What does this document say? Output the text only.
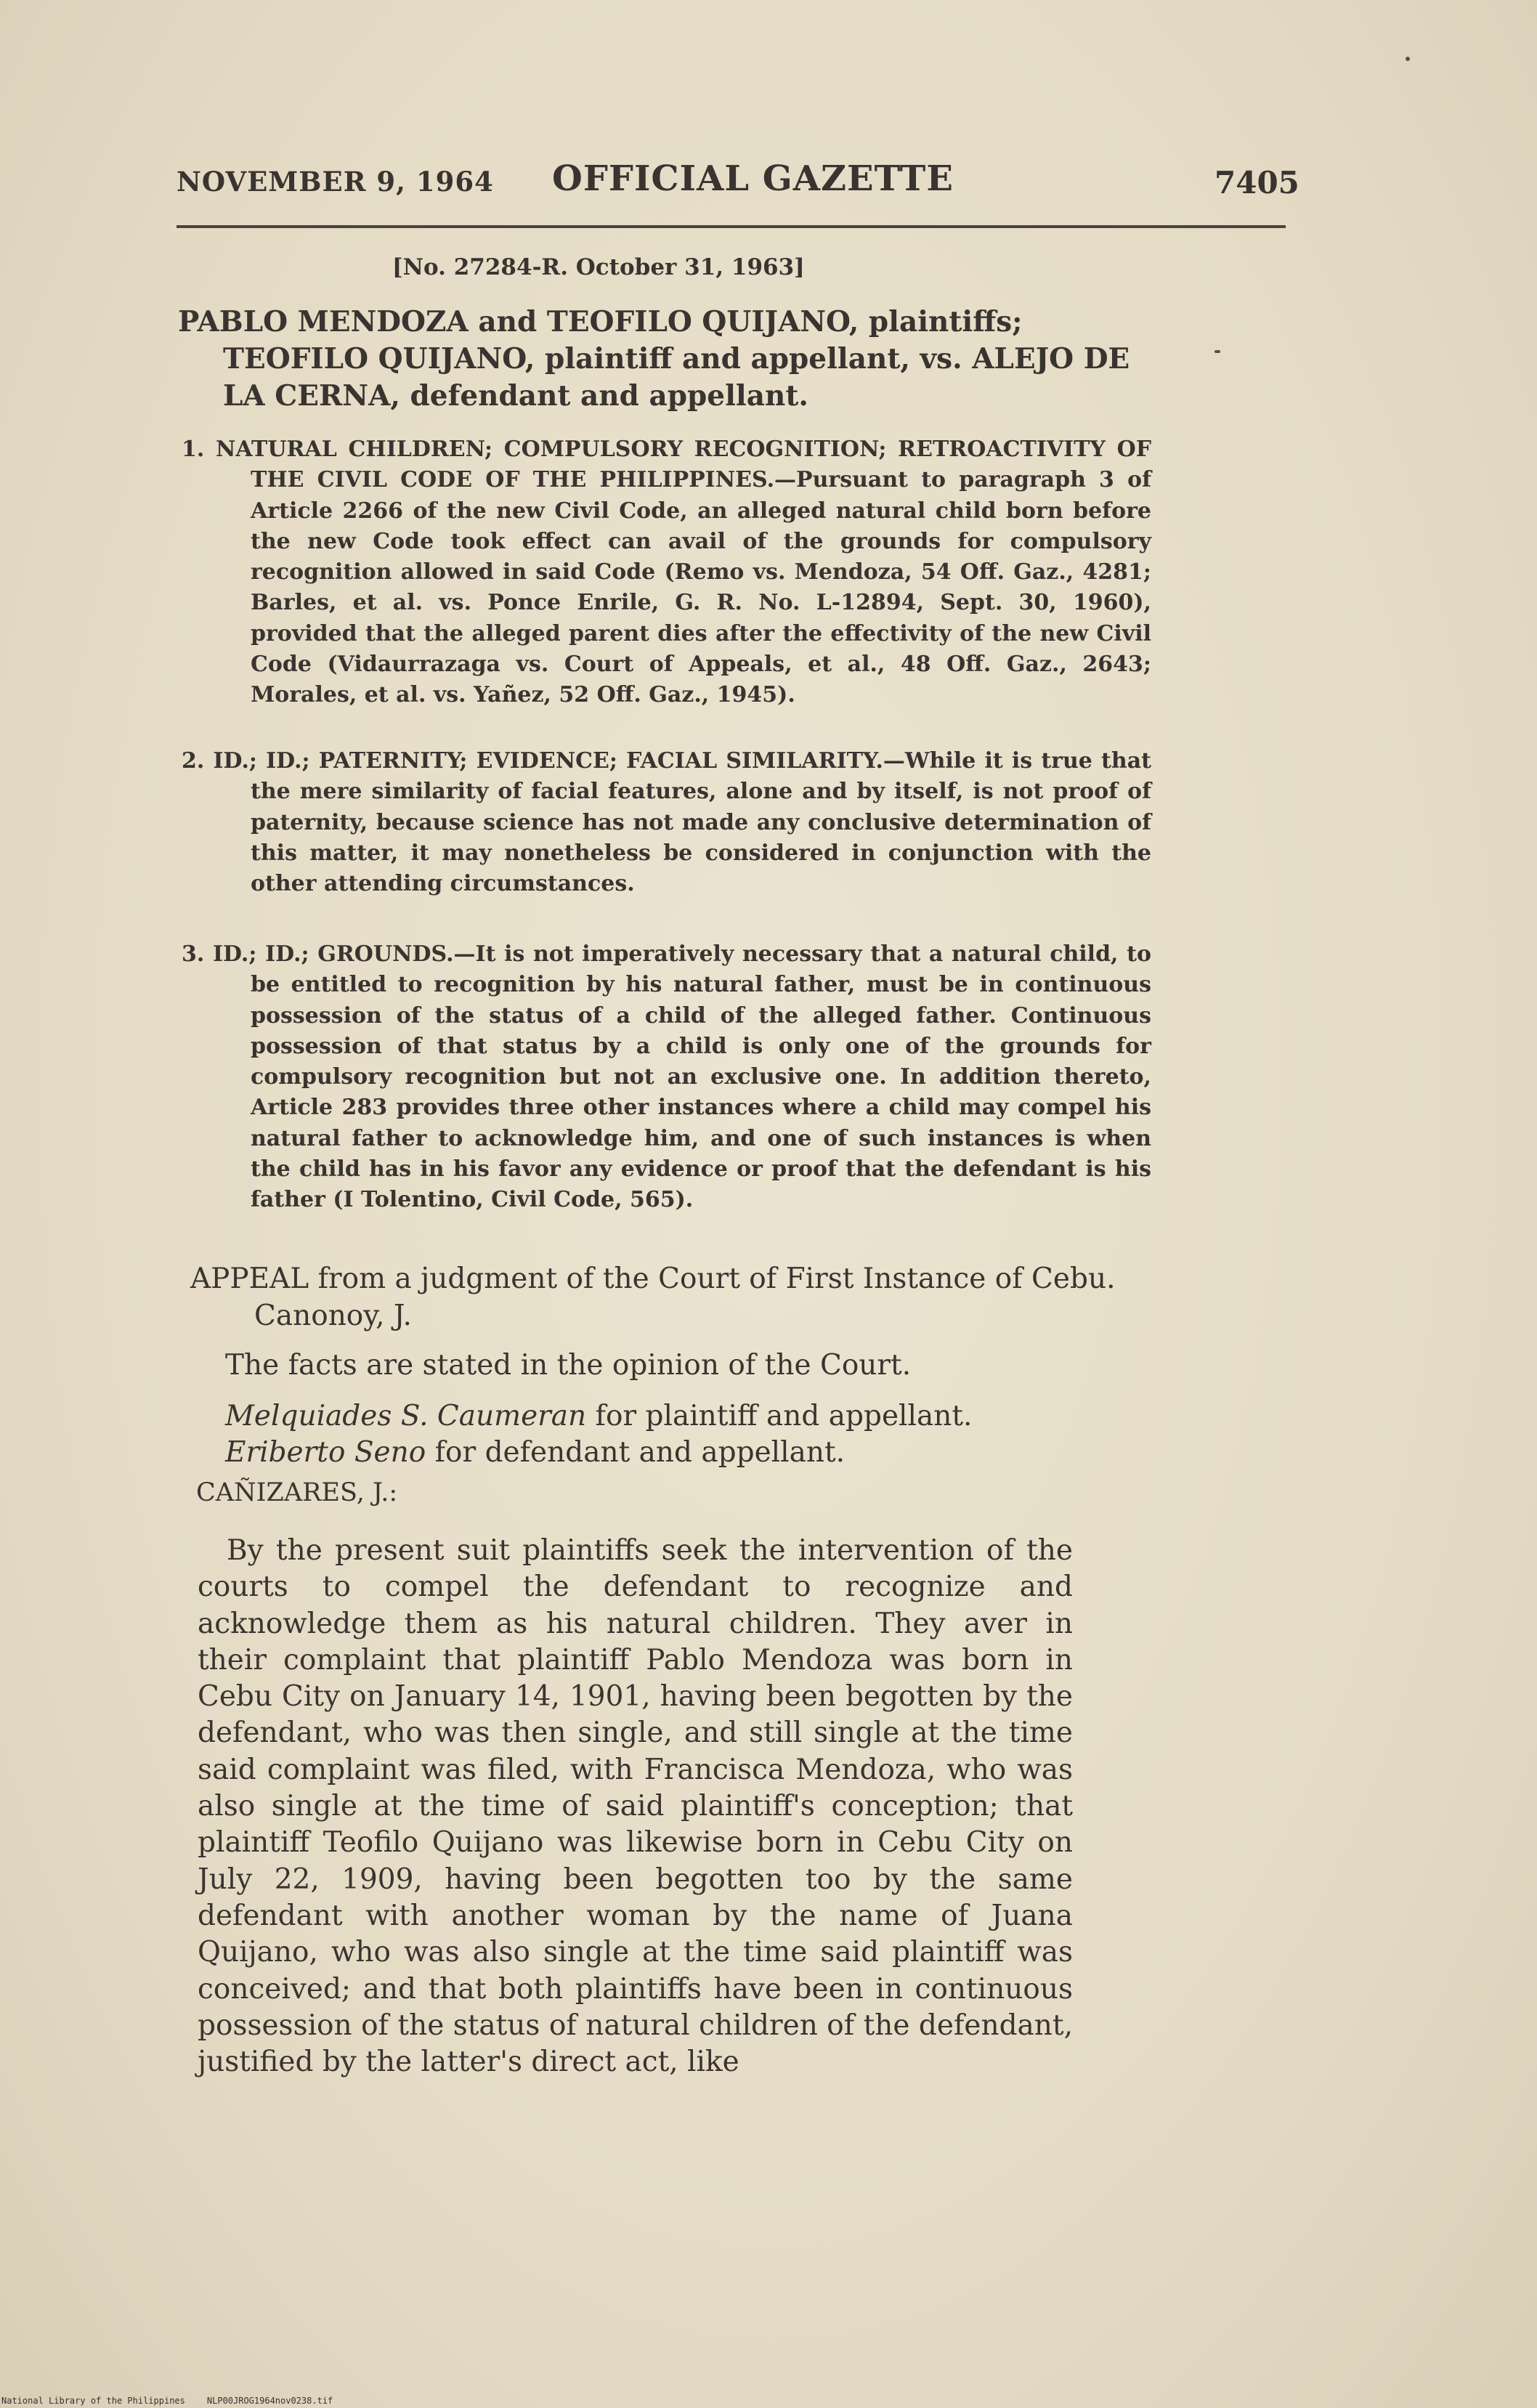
NOVEMBER 9, 1964 OFFICIAL GAZETTE	7405
[No. 27284-R. October 31, 1963]
PABLO MENDOZA and TEOFILO QUIJANO, plaintiffs; TEOFILO QUIJANO, plaintiff and appellant, vs. ALEJO DE LA CERNA, defendant and appellant.
1. NATURAL CHILDREN; COMPULSORY RECOGNITION; RETROACTIVITY OF THE CIVIL CODE OF THE PHILIPPINES.—Pursuant to paragraph 3 of Article 2266 of the new Civil Code, an alleged natural child born before the new Code took effect can avail of the grounds for compulsory recognition allowed in said Code (Remo vs. Mendoza, 54 Off. Gaz., 4281; Barles, et al. vs. Ponce Enrile, G. R. No. L-12894, Sept. 30, 1960), provided that the alleged parent dies after the effectivity of the new Civil Code (Vidaurrazaga vs. Court of Appeals, et al., 48 Off. Gaz., 2643; Morales, et al. vs. Yañez, 52 Off. Gaz., 1945).
2. ID.; ID.; PATERNITY; EVIDENCE; FACIAL SIMILARITY.—While it is true that the mere similarity of facial features, alone and by itself, is not proof of paternity, because science has not made any conclusive determination of this matter, it may nonetheless be considered in conjunction with the other attending circumstances.
3. ID.; ID.; GROUNDS.—It is not imperatively necessary that a natural child, to be entitled to recognition by his natural father, must be in continuous possession of the status of a child of the alleged father. Continuous possession of that status by a child is only one of the grounds for compulsory recognition but not an exclusive one. In addition thereto, Article 283 provides three other instances where a child may compel his natural father to acknowledge him, and one of such instances is when the child has in his favor any evidence or proof that the defendant is his father (I Tolentino, Civil Code, 565).
APPEAL from a judgment of the Court of First Instance of Cebu. Canonoy, J.
The facts are stated in the opinion of the Court.
Melquiades S. Caumeran for plaintiff and appellant.
Eriberto Seno for defendant and appellant.
CAÑIZARES, J.:
By the present suit plaintiffs seek the intervention of the courts to compel the defendant to recognize and acknowledge them as his natural children. They aver in their complaint that plaintiff Pablo Mendoza was born in Cebu City on January 14, 1901, having been begotten by the defendant, who was then single, and still single at the time said complaint was filed, with Francisca Mendoza, who was also single at the time of said plaintiff's conception; that plaintiff Teofilo Quijano was likewise born in Cebu City on July 22, 1909, having been begotten too by the same defendant with another woman by the name of Juana Quijano, who was also single at the time said plaintiff was conceived; and that both plaintiffs have been in continuous possession of the status of natural children of the defendant, justified by the latter's direct act, like
National Library of the Philippines	NLP00JROG1964nov0238.tif
